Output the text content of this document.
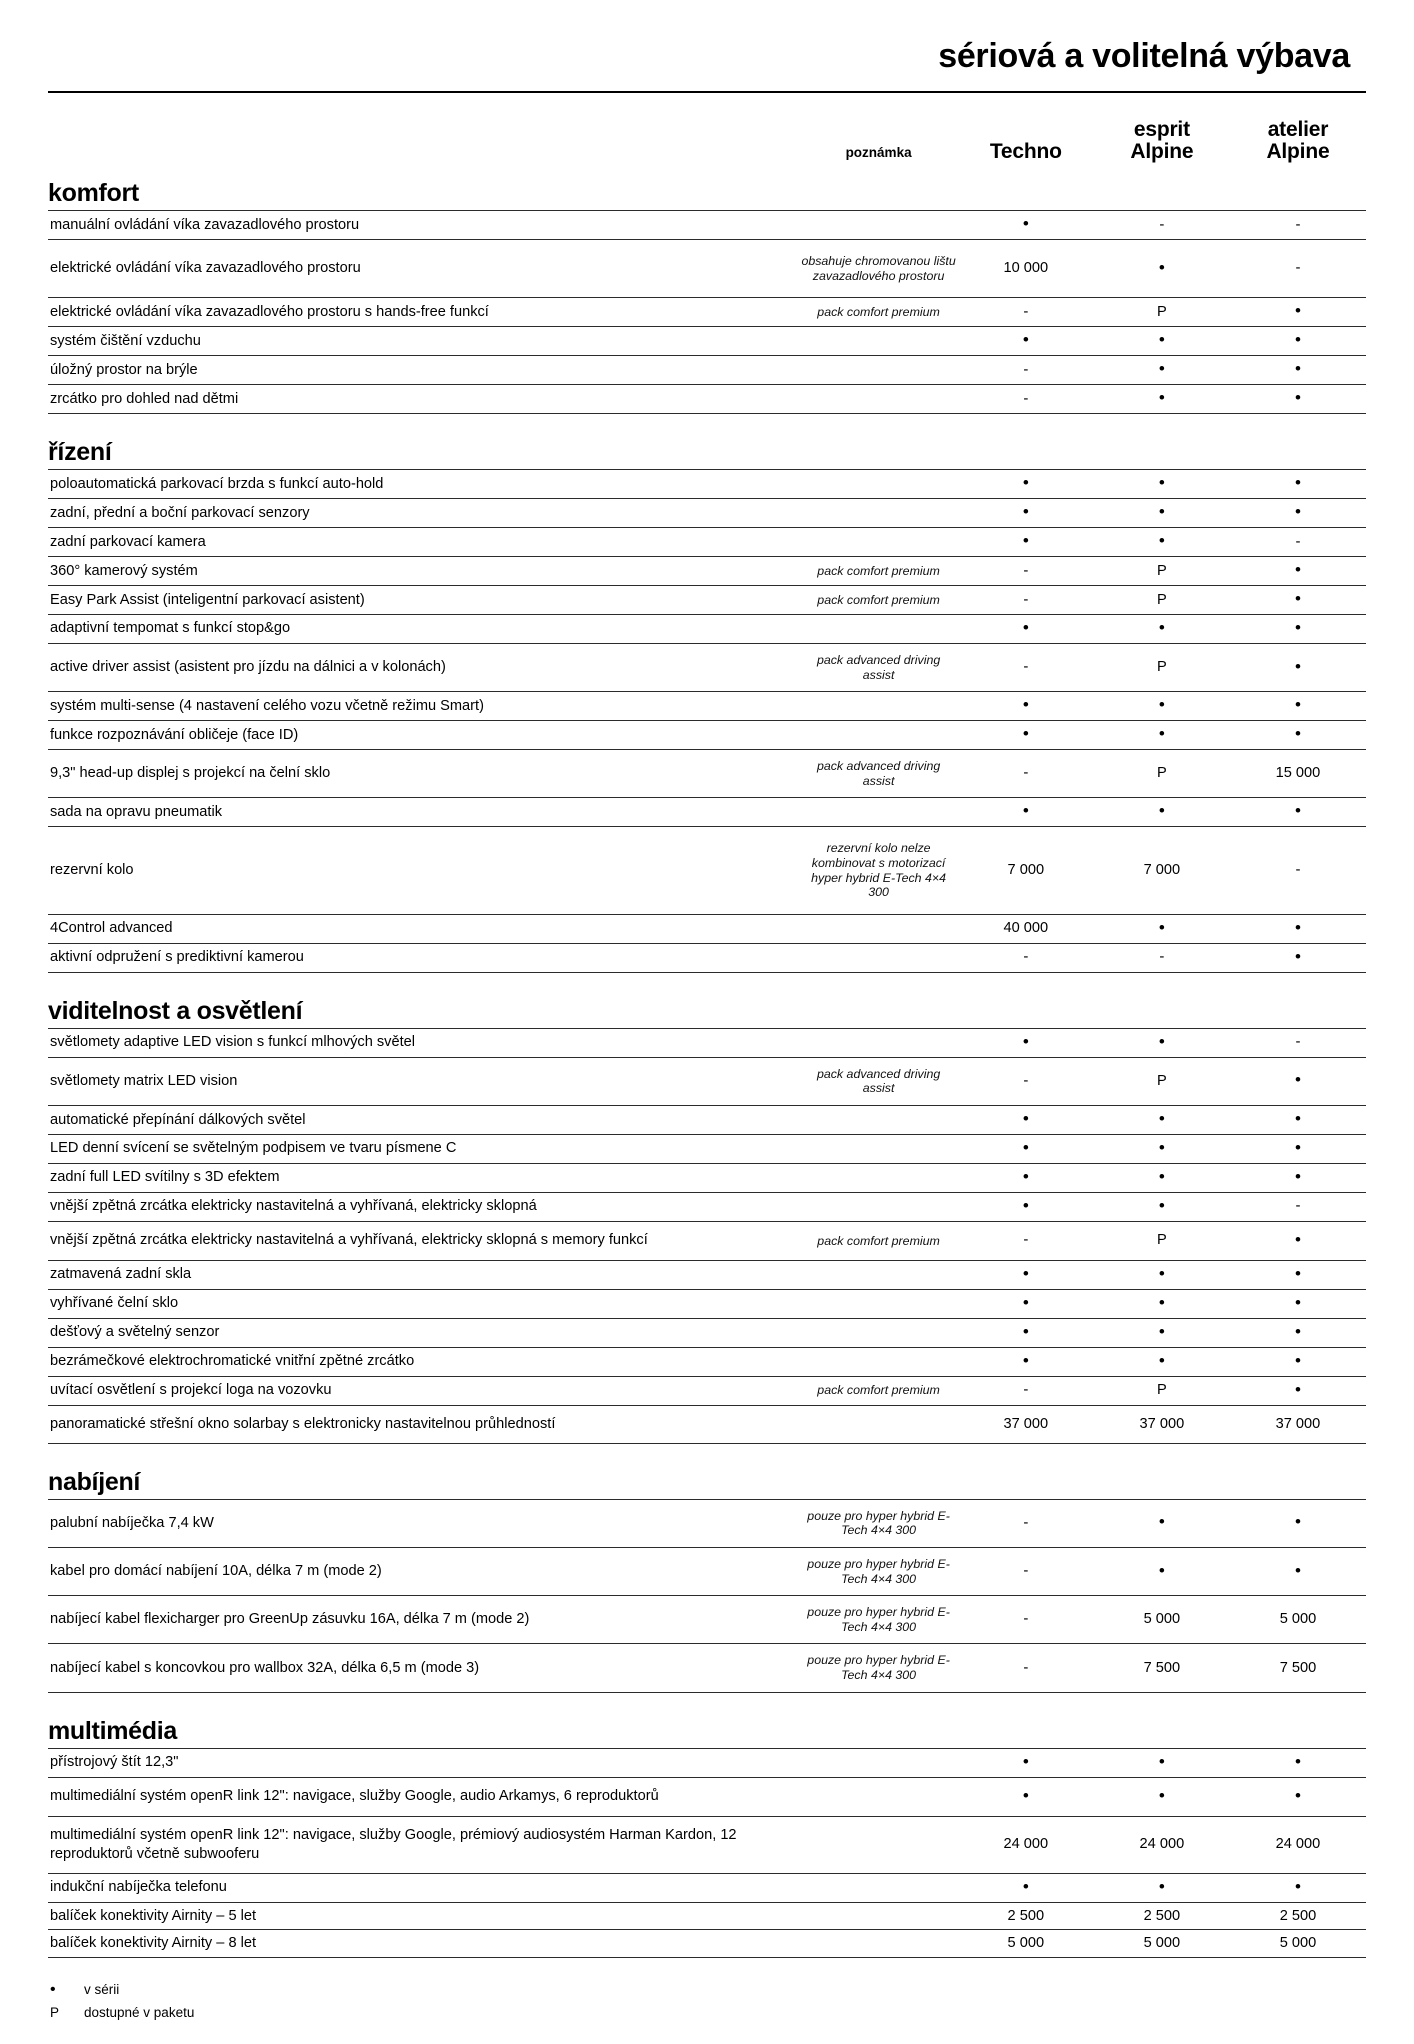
sériová a volitelná výbava
	poznámka	Techno	esprit
Alpine	atelier
Alpine

komfort				

manuální ovládání víka zavazadlového prostoru		•	-	-
elektrické ovládání víka zavazadlového prostoru	obsahuje chromovanou lištu zavazadlového prostoru	10 000	•	-
elektrické ovládání víka zavazadlového prostoru s hands-free funkcí	pack comfort premium	-	P	•
systém čištění vzduchu		•	•	•
úložný prostor na brýle		-	•	•
zrcátko pro dohled nad dětmi		-	•	•

řízení				

poloautomatická parkovací brzda s funkcí auto-hold		•	•	•
zadní, přední a boční parkovací senzory		•	•	•
zadní parkovací kamera		•	•	-
360° kamerový systém	pack comfort premium	-	P	•
Easy Park Assist (inteligentní parkovací asistent)	pack comfort premium	-	P	•
adaptivní tempomat s funkcí stop&go		•	•	•
active driver assist (asistent pro jízdu na dálnici a v kolonách)	pack advanced driving assist	-	P	•
systém multi-sense (4 nastavení celého vozu včetně režimu Smart)		•	•	•
funkce rozpoznávání obličeje (face ID)		•	•	•
9,3" head-up displej s projekcí na čelní sklo	pack advanced driving assist	-	P	15 000
sada na opravu pneumatik		•	•	•
rezervní kolo	rezervní kolo nelze kombinovat s motorizací hyper hybrid E-Tech 4×4 300	7 000	7 000	-
4Control advanced		40 000	•	•
aktivní odpružení s prediktivní kamerou		-	-	•

viditelnost a osvětlení				

světlomety adaptive LED vision s funkcí mlhových světel		•	•	-
světlomety matrix LED vision	pack advanced driving assist	-	P	•
automatické přepínání dálkových světel		•	•	•
LED denní svícení se světelným podpisem ve tvaru písmene C		•	•	•
zadní full LED svítilny s 3D efektem		•	•	•
vnější zpětná zrcátka elektricky nastavitelná a vyhřívaná, elektricky sklopná		•	•	-
vnější zpětná zrcátka elektricky nastavitelná a vyhřívaná, elektricky sklopná s memory funkcí	pack comfort premium	-	P	•
zatmavená zadní skla		•	•	•
vyhřívané čelní sklo		•	•	•
dešťový a světelný senzor		•	•	•
bezrámečkové elektrochromatické vnitřní zpětné zrcátko		•	•	•
uvítací osvětlení s projekcí loga na vozovku	pack comfort premium	-	P	•
panoramatické střešní okno solarbay s elektronicky nastavitelnou průhledností		37 000	37 000	37 000

nabíjení				

palubní nabíječka 7,4 kW	pouze pro hyper hybrid E-Tech 4×4 300	-	•	•
kabel pro domácí nabíjení 10A, délka 7 m (mode 2)	pouze pro hyper hybrid E-Tech 4×4 300	-	•	•
nabíjecí kabel flexicharger pro GreenUp zásuvku 16A, délka 7 m (mode 2)	pouze pro hyper hybrid E-Tech 4×4 300	-	5 000	5 000
nabíjecí kabel s koncovkou pro wallbox 32A, délka 6,5 m (mode 3)	pouze pro hyper hybrid E-Tech 4×4 300	-	7 500	7 500

multimédia				

přístrojový štít 12,3"		•	•	•
multimediální systém openR link 12": navigace, služby Google, audio Arkamys, 6 reproduktorů		•	•	•
multimediální systém openR link 12": navigace, služby Google, prémiový audiosystém Harman Kardon, 12 reproduktorů včetně subwooferu		24 000	24 000	24 000
indukční nabíječka telefonu		•	•	•
balíček konektivity Airnity – 5 let		2 500	2 500	2 500
balíček konektivity Airnity – 8 let		5 000	5 000	5 000
•	v sérii
P	dostupné v paketu
